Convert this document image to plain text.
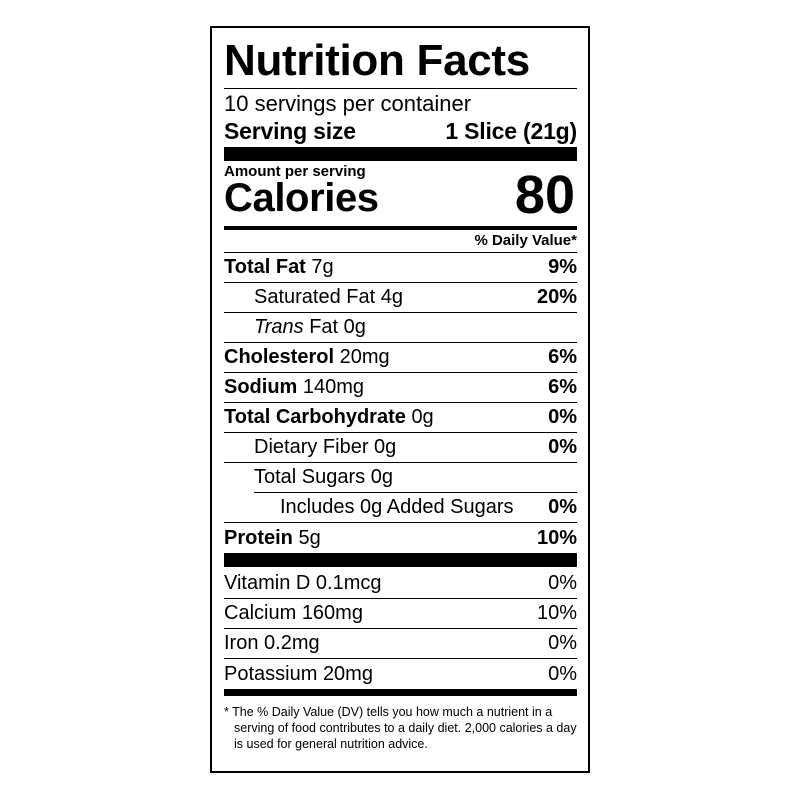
Nutrition Facts
10 servings per container
Serving size	1 Slice (21g)
Amount per serving
Calories	80
% Daily Value*
Total Fat 7g	9%
Saturated Fat 4g	20%
Trans Fat 0g
Cholesterol 20mg	6%
Sodium 140mg	6%
Total Carbohydrate 0g	0%
Dietary Fiber 0g	0%
Total Sugars 0g
Includes 0g Added Sugars 0%
Protein 5g	10%
Vitamin D 0.1mcg	0%
Calcium 160mg	10%
Iron 0.2mg	0%
Potassium 20mg	0%
* The % Daily Value (DV) tells you how much a nutrient in a serving of food contributes to a daily diet. 2,000 calories a day is used for general nutrition advice.
